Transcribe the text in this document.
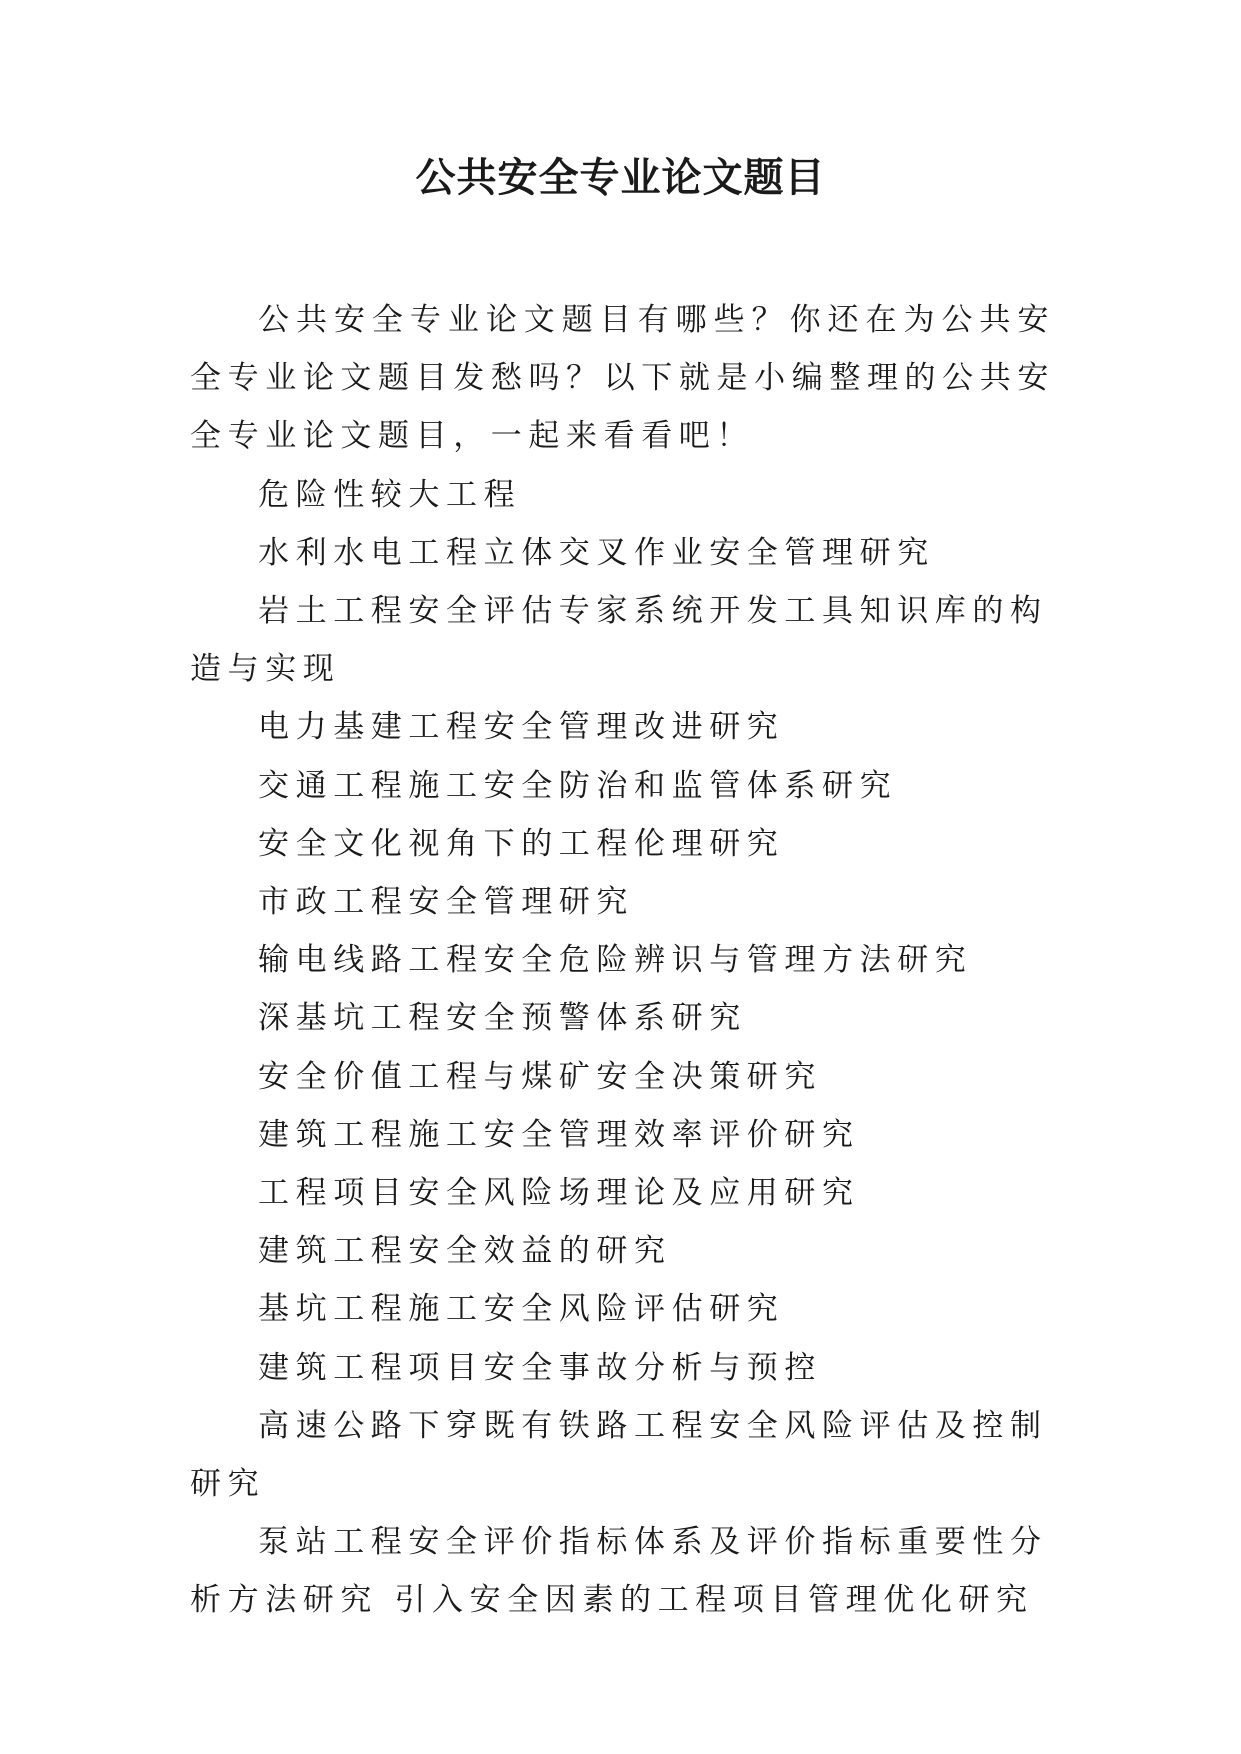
公共安全专业论文题目

公共安全专业论文题目有哪些？你还在为公共安全专业论文题目发愁吗？以下就是小编整理的公共安全专业论文题目，一起来看看吧！

危险性较大工程

水利水电工程立体交叉作业安全管理研究

岩土工程安全评估专家系统开发工具知识库的构造与实现

电力基建工程安全管理改进研究

交通工程施工安全防治和监管体系研究

安全文化视角下的工程伦理研究

市政工程安全管理研究

输电线路工程安全危险辨识与管理方法研究

深基坑工程安全预警体系研究

安全价值工程与煤矿安全决策研究

建筑工程施工安全管理效率评价研究

工程项目安全风险场理论及应用研究

建筑工程安全效益的研究

基坑工程施工安全风险评估研究

建筑工程项目安全事故分析与预控

高速公路下穿既有铁路工程安全风险评估及控制研究

泵站工程安全评价指标体系及评价指标重要性分析方法研究 引入安全因素的工程项目管理优化研究
